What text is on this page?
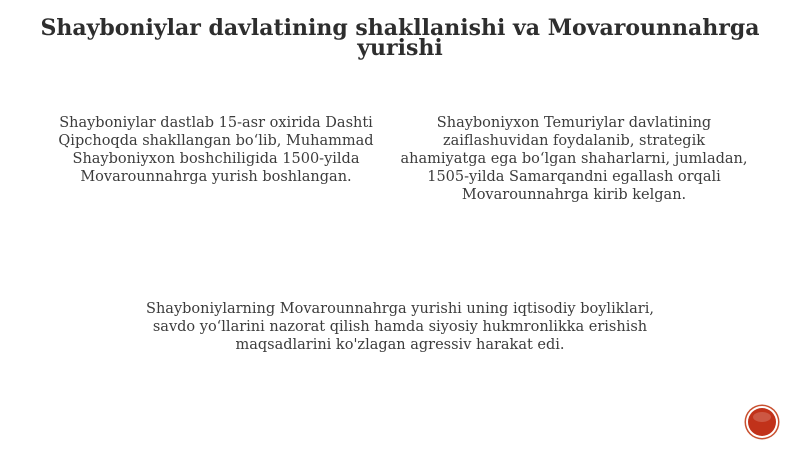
Shayboniylar davlatining shakllanishi va Movarounnahrga yurishi
Shayboniylar dastlab 15-asr oxirida Dashti Qipchoqda shakllangan bo‘lib, Muhammad Shayboniyxon boshchiligida 1500-yilda Movarounnahrga yurish boshlangan.
Shayboniyxon Temuriylar davlatining zaiflashuvidan foydalanib, strategik ahamiyatga ega bo‘lgan shaharlarni, jumladan, 1505-yilda Samarqandni egallash orqali Movarounnahrga kirib kelgan.
Shayboniylarning Movarounnahrga yurishi uning iqtisodiy boyliklari, savdo yo‘llarini nazorat qilish hamda siyosiy hukmronlikka erishish maqsadlarini ko'zlagan agressiv harakat edi.
